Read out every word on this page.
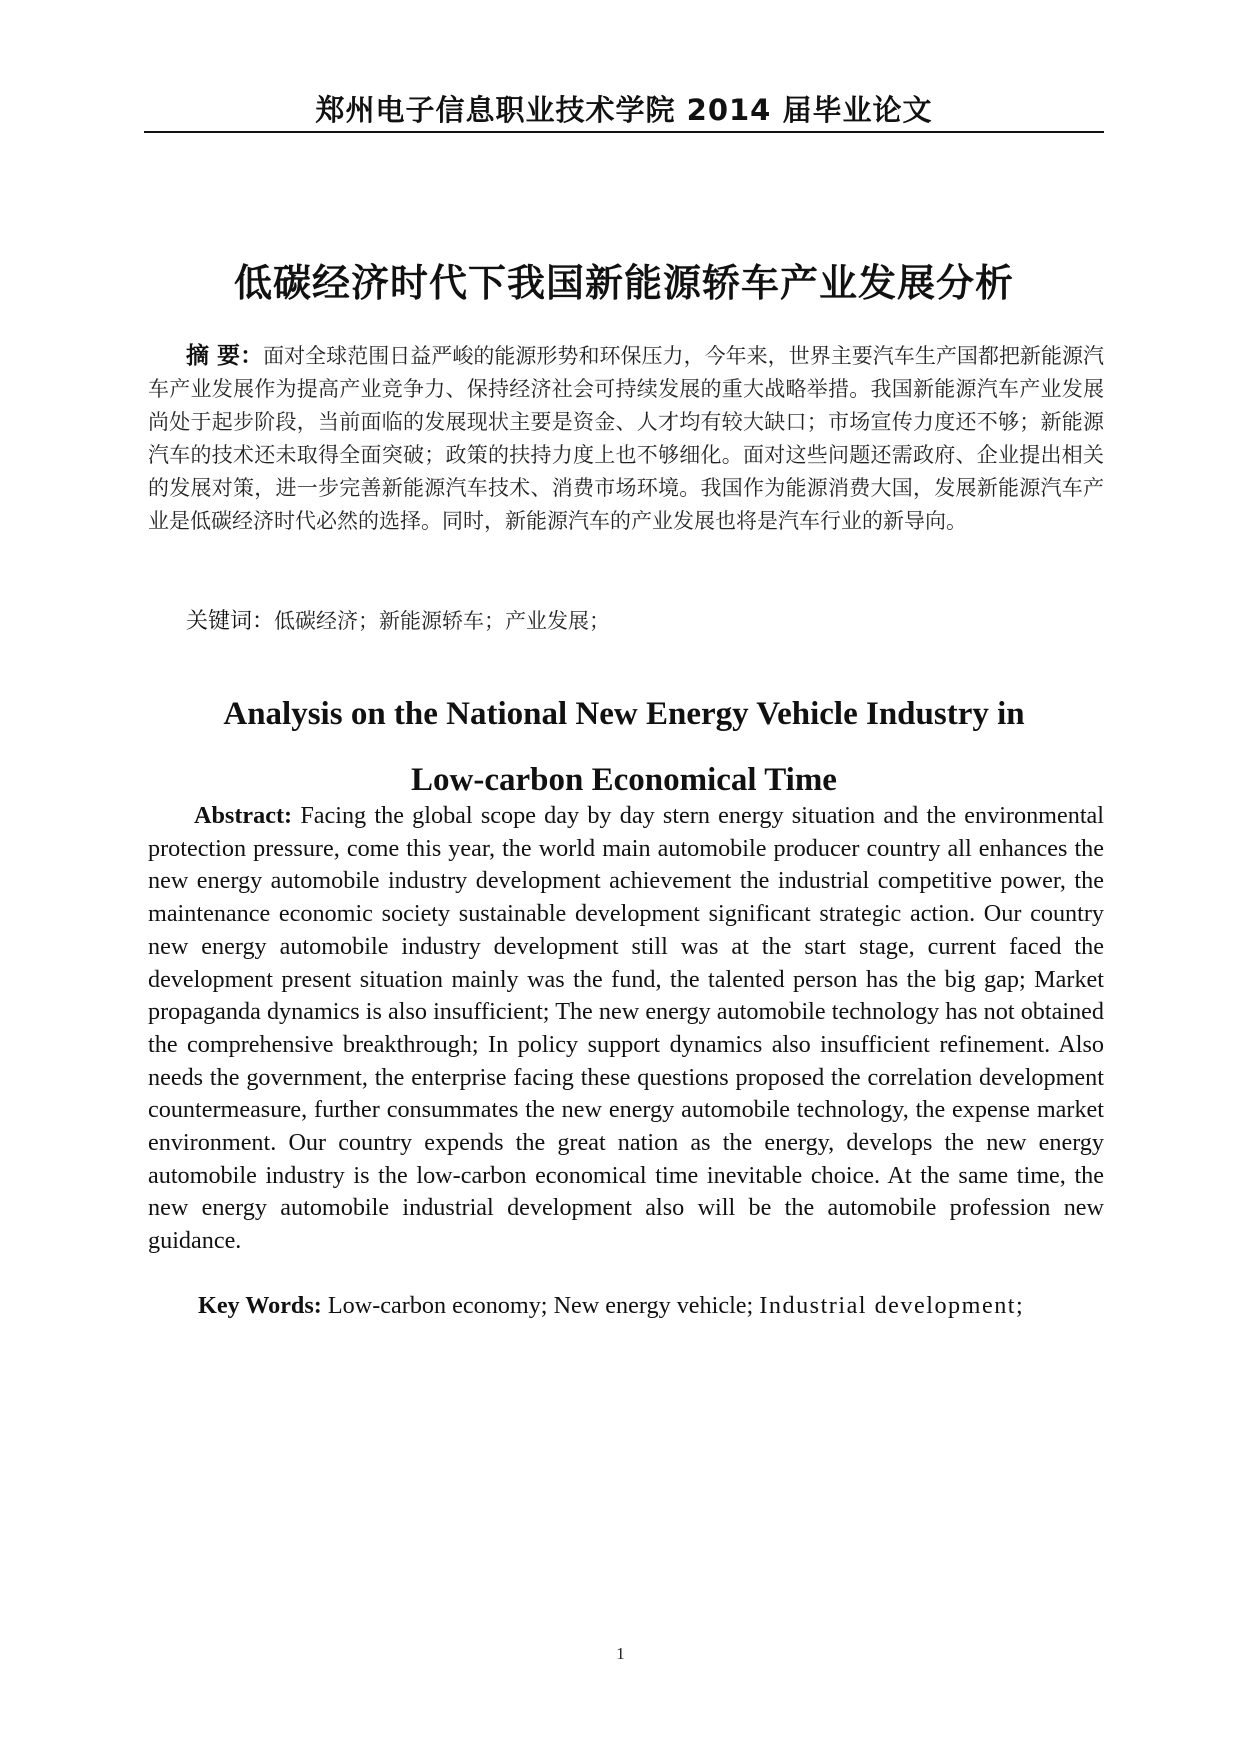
郑州电子信息职业技术学院 2014 届毕业论文
低碳经济时代下我国新能源轿车产业发展分析
摘 要：面对全球范围日益严峻的能源形势和环保压力，今年来，世界主要汽车生产国都把新能源汽车产业发展作为提高产业竞争力、保持经济社会可持续发展的重大战略举措。我国新能源汽车产业发展尚处于起步阶段，当前面临的发展现状主要是资金、人才均有较大缺口；市场宣传力度还不够；新能源汽车的技术还未取得全面突破；政策的扶持力度上也不够细化。面对这些问题还需政府、企业提出相关的发展对策，进一步完善新能源汽车技术、消费市场环境。我国作为能源消费大国，发展新能源汽车产业是低碳经济时代必然的选择。同时，新能源汽车的产业发展也将是汽车行业的新导向。
关键词：低碳经济；新能源轿车；产业发展；
Analysis on the National New Energy Vehicle Industry in
Low-carbon Economical Time
Abstract: Facing the global scope day by day stern energy situation and the environmental protection pressure, come this year, the world main automobile producer country all enhances the new energy automobile industry development achievement the industrial competitive power, the maintenance economic society sustainable development significant strategic action. Our country new energy automobile industry development still was at the start stage, current faced the development present situation mainly was the fund, the talented person has the big gap; Market propaganda dynamics is also insufficient; The new energy automobile technology has not obtained the comprehensive breakthrough; In policy support dynamics also insufficient refinement. Also needs the government, the enterprise facing these questions proposed the correlation development countermeasure, further consummates the new energy automobile technology, the expense market environment. Our country expends the great nation as the energy, develops the new energy automobile industry is the low-carbon economical time inevitable choice. At the same time, the new energy automobile industrial development also will be the automobile profession new guidance.
Key Words: Low-carbon economy; New energy vehicle; Industrial development;
1
